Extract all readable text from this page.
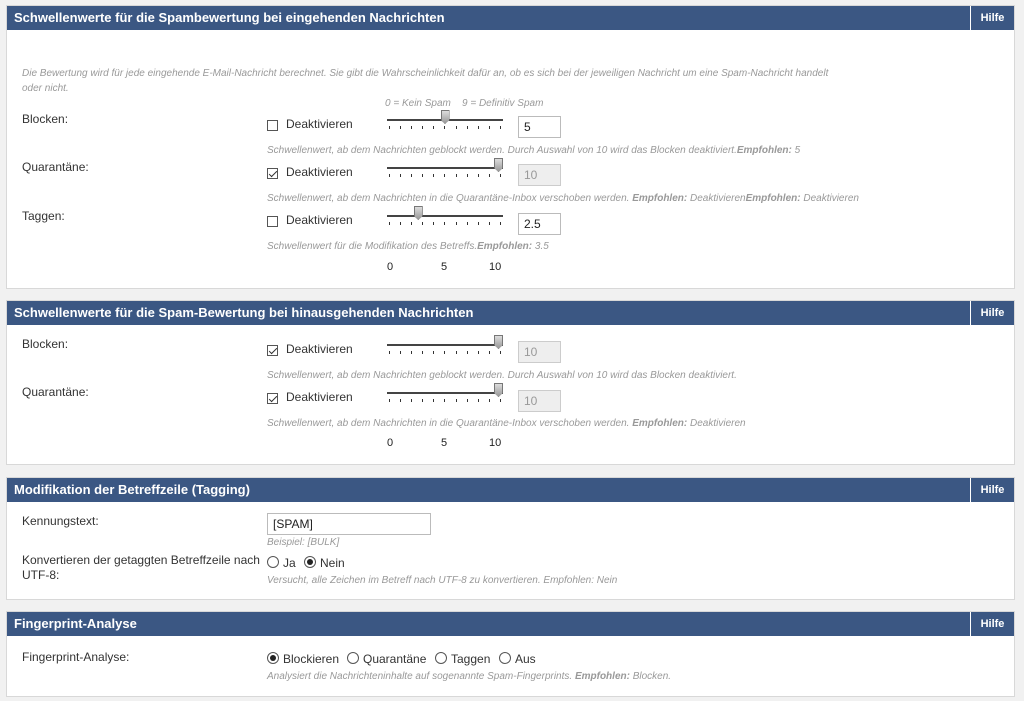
Schwellenwerte für die Spambewertung bei eingehenden Nachrichten	Hilfe
Die Bewertung wird für jede eingehende E-Mail-Nachricht berechnet. Sie gibt die Wahrscheinlichkeit dafür an, ob es sich bei der jeweiligen Nachricht um eine Spam-Nachricht handelt
oder nicht.
0 = Kein Spam 9 = Definitiv Spam
Blocken:	Deaktivieren	5
Schwellenwert, ab dem Nachrichten geblockt werden. Durch Auswahl von 10 wird das Blocken deaktiviert.Empfohlen: 5
Quarantäne:	Deaktivieren	10
Schwellenwert, ab dem Nachrichten in die Quarantäne-Inbox verschoben werden. Empfohlen: DeaktivierenEmpfohlen: Deaktivieren
Taggen:	Deaktivieren	2.5
Schwellenwert für die Modifikation des Betreffs.Empfohlen: 3.5
0	5	10
Schwellenwerte für die Spam-Bewertung bei hinausgehenden Nachrichten	Hilfe
Blocken:	Deaktivieren	10
Schwellenwert, ab dem Nachrichten geblockt werden. Durch Auswahl von 10 wird das Blocken deaktiviert.
Quarantäne:	Deaktivieren	10
Schwellenwert, ab dem Nachrichten in die Quarantäne-Inbox verschoben werden. Empfohlen: Deaktivieren
0	5	10
Modifikation der Betreffzeile (Tagging)	Hilfe
Kennungstext:	[SPAM]
Beispiel: [BULK]
Konvertieren der getaggten Betreffzeile nach
UTF-8:
Ja Nein
Versucht, alle Zeichen im Betreff nach UTF-8 zu konvertieren. Empfohlen: Nein
Fingerprint-Analyse	Hilfe
Fingerprint-Analyse:	Blockieren Quarantäne Taggen Aus
Analysiert die Nachrichteninhalte auf sogenannte Spam-Fingerprints. Empfohlen: Blocken.
